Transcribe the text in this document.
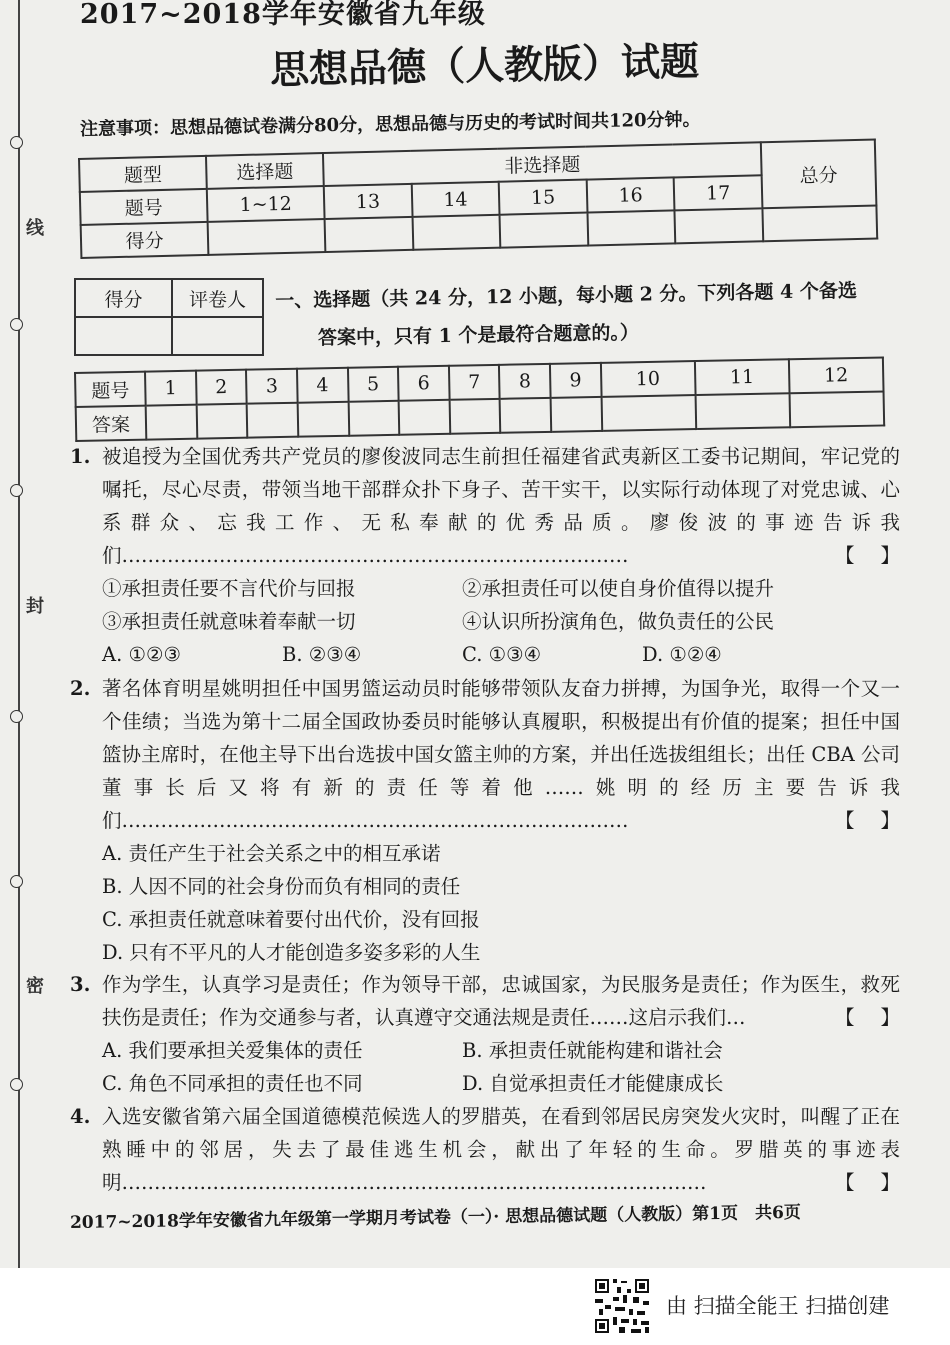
线
封
密
2017~2018学年安徽省九年级
思想品德（人教版）试题
注意事项：思想品德试卷满分80分，思想品德与历史的考试时间共120分钟。
题型	选择题	非选择题					总分
题号	1~12	13	14	15	16	17	
得分							
得分	评卷人
	一、选择题（共 24 分，12 小题，每小题 2 分。下列各题 4 个备选
答案中，只有 1 个是最符合题意的。）
题号	1	2	3	4	5	6	7	8	9	10	11	12
答案												
1. 被追授为全国优秀共产党员的廖俊波同志生前担任福建省武夷新区工委书记期间，牢记党的嘱托，尽心尽责，带领当地干部群众扑下身子、苦干实干，以实际行动体现了对党忠诚、心系群众、忘我工作、无私奉献的优秀品质。廖俊波的事迹告诉我们……………………………………………………………………	【】
①承担责任要不言代价与回报	②承担责任可以使自身价值得以提升
③承担责任就意味着奉献一切	④认识所扮演角色，做负责任的公民
A. ①②③	B. ②③④	C. ①③④	D. ①②④
2. 著名体育明星姚明担任中国男篮运动员时能够带领队友奋力拼搏，为国争光，取得一个又一个佳绩；当选为第十二届全国政协委员时能够认真履职，积极提出有价值的提案；担任中国篮协主席时，在他主导下出台选拔中国女篮主帅的方案，并出任选拔组组长；出任 CBA 公司董事长后又将有新的责任等着他……姚明的经历主要告诉我们……………………………………………………………………	【】
A. 责任产生于社会关系之中的相互承诺
B. 人因不同的社会身份而负有相同的责任
C. 承担责任就意味着要付出代价，没有回报
D. 只有不平凡的人才能创造多姿多彩的人生
3. 作为学生，认真学习是责任；作为领导干部，忠诚国家，为民服务是责任；作为医生，救死扶伤是责任；作为交通参与者，认真遵守交通法规是责任……这启示我们…	【】
A. 我们要承担关爱集体的责任	B. 承担责任就能构建和谐社会
C. 角色不同承担的责任也不同	D. 自觉承担责任才能健康成长
4. 入选安徽省第六届全国道德模范候选人的罗腊英，在看到邻居民房突发火灾时，叫醒了正在熟睡中的邻居，失去了最佳逃生机会，献出了年轻的生命。罗腊英的事迹表明………………………………………………………………………………	【】
2017~2018学年安徽省九年级第一学期月考试卷（一）· 思想品德试题（人教版）第1页　共6页
由 扫描全能王 扫描创建
